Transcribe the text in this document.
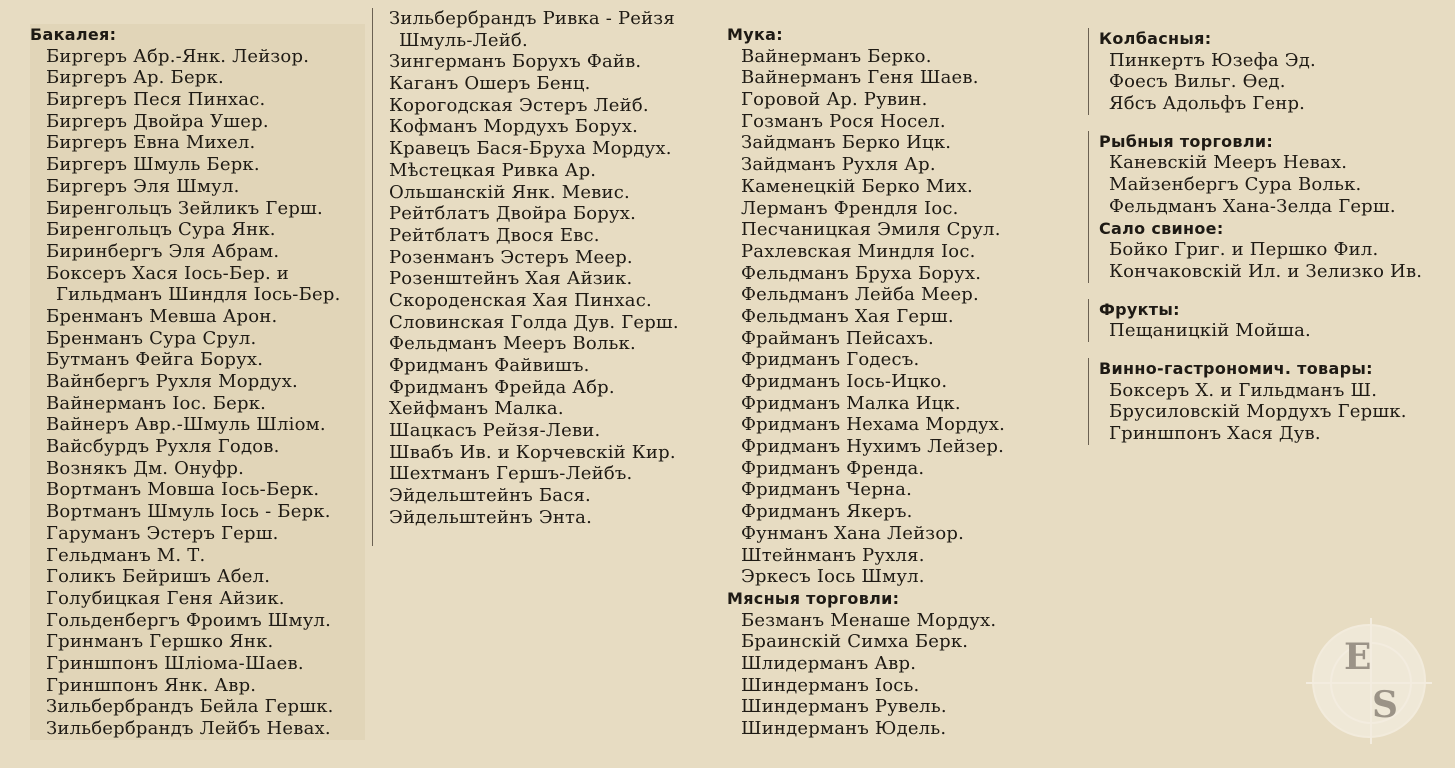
Бакалея:
Биргеръ Абр.-Янк. Лейзор.
Биргеръ Ар. Берк.
Биргеръ Песя Пинхас.
Биргеръ Двойра Ушер.
Биргеръ Евна Михел.
Биргеръ Шмуль Берк.
Биргеръ Эля Шмул.
Биренгольцъ Зейликъ Герш.
Биренгольцъ Сура Янк.
Биринбергъ Эля Абрам.
Боксеръ Хася Iось-Бер. и
Гильдманъ Шиндля Iось-Бер.
Бренманъ Мевша Арон.
Бренманъ Сура Срул.
Бутманъ Фейга Борух.
Вайнбергъ Рухля Мордух.
Вайнерманъ Iос. Берк.
Вайнеръ Авр.-Шмуль Шлiом.
Вайсбурдъ Рухля Годов.
Вознякъ Дм. Онуфр.
Вортманъ Мовша Iось-Берк.
Вортманъ Шмуль Iось - Берк.
Гаруманъ Эстеръ Герш.
Гельдманъ М. Т.
Голикъ Бейришъ Абел.
Голубицкая Геня Айзик.
Гольденбергъ Фроимъ Шмул.
Гринманъ Гершко Янк.
Гриншпонъ Шлiома-Шаев.
Гриншпонъ Янк. Авр.
Зильбербрандъ Бейла Гершк.
Зильбербрандъ Лейбъ Невах.
Зильбербрандъ Ривка - Рейзя
Шмуль-Лейб.
Зингерманъ Борухъ Файв.
Каганъ Ошеръ Бенц.
Корогодская Эстеръ Лейб.
Кофманъ Мордухъ Борух.
Кравецъ Бася-Бруха Мордух.
Мѣстецкая Ривка Ар.
Ольшанскiй Янк. Мевис.
Рейтблатъ Двойра Борух.
Рейтблатъ Двося Евс.
Розенманъ Эстеръ Меер.
Розенштейнъ Хая Айзик.
Скороденская Хая Пинхас.
Словинская Голда Дув. Герш.
Фельдманъ Мееръ Вольк.
Фридманъ Файвишъ.
Фридманъ Фрейда Абр.
Хейфманъ Малка.
Шацкасъ Рейзя-Леви.
Швабъ Ив. и Корчевскiй Кир.
Шехтманъ Гершъ-Лейбъ.
Эйдельштейнъ Бася.
Эйдельштейнъ Энта.

Мука:
Вайнерманъ Берко.
Вайнерманъ Геня Шаев.
Горовой Ар. Рувин.
Гозманъ Рося Носел.
Зайдманъ Берко Ицк.
Зайдманъ Рухля Ар.
Каменецкiй Берко Мих.
Лерманъ Френдля Iос.
Песчаницкая Эмиля Срул.
Рахлевская Миндля Iос.
Фельдманъ Бруха Борух.
Фельдманъ Лейба Меер.
Фельдманъ Хая Герш.
Фрайманъ Пейсахъ.
Фридманъ Годесъ.
Фридманъ Iось-Ицко.
Фридманъ Малка Ицк.
Фридманъ Нехама Мордух.
Фридманъ Нухимъ Лейзер.
Фридманъ Френда.
Фридманъ Черна.
Фридманъ Якеръ.
Фунманъ Хана Лейзор.
Штейнманъ Рухля.
Эркесъ Iось Шмул.
Мясныя торговли:
Безманъ Менаше Мордух.
Браинскiй Симха Берк.
Шлидерманъ Авр.
Шиндерманъ Iось.
Шиндерманъ Рувель.
Шиндерманъ Юдель.
Колбасныя:
Пинкертъ Юзефа Эд.
Фоесъ Вильг. Өед.
Ябсъ Адольфъ Генр.
Рыбныя торговли:
Каневскiй Мееръ Невах.
Майзенбергъ Сура Вольк.
Фельдманъ Хана-Зелда Герш.
Сало свиное:
Бойко Григ. и Першко Фил.
Кончаковскiй Ил. и Зелизко Ив.
Фрукты:
Пещаницкiй Мойша.
Винно-гастрономич. товары:
Боксеръ Х. и Гильдманъ Ш.
Брусиловскiй Мордухъ Гершк.
Гриншпонъ Хася Дув.
E
S
